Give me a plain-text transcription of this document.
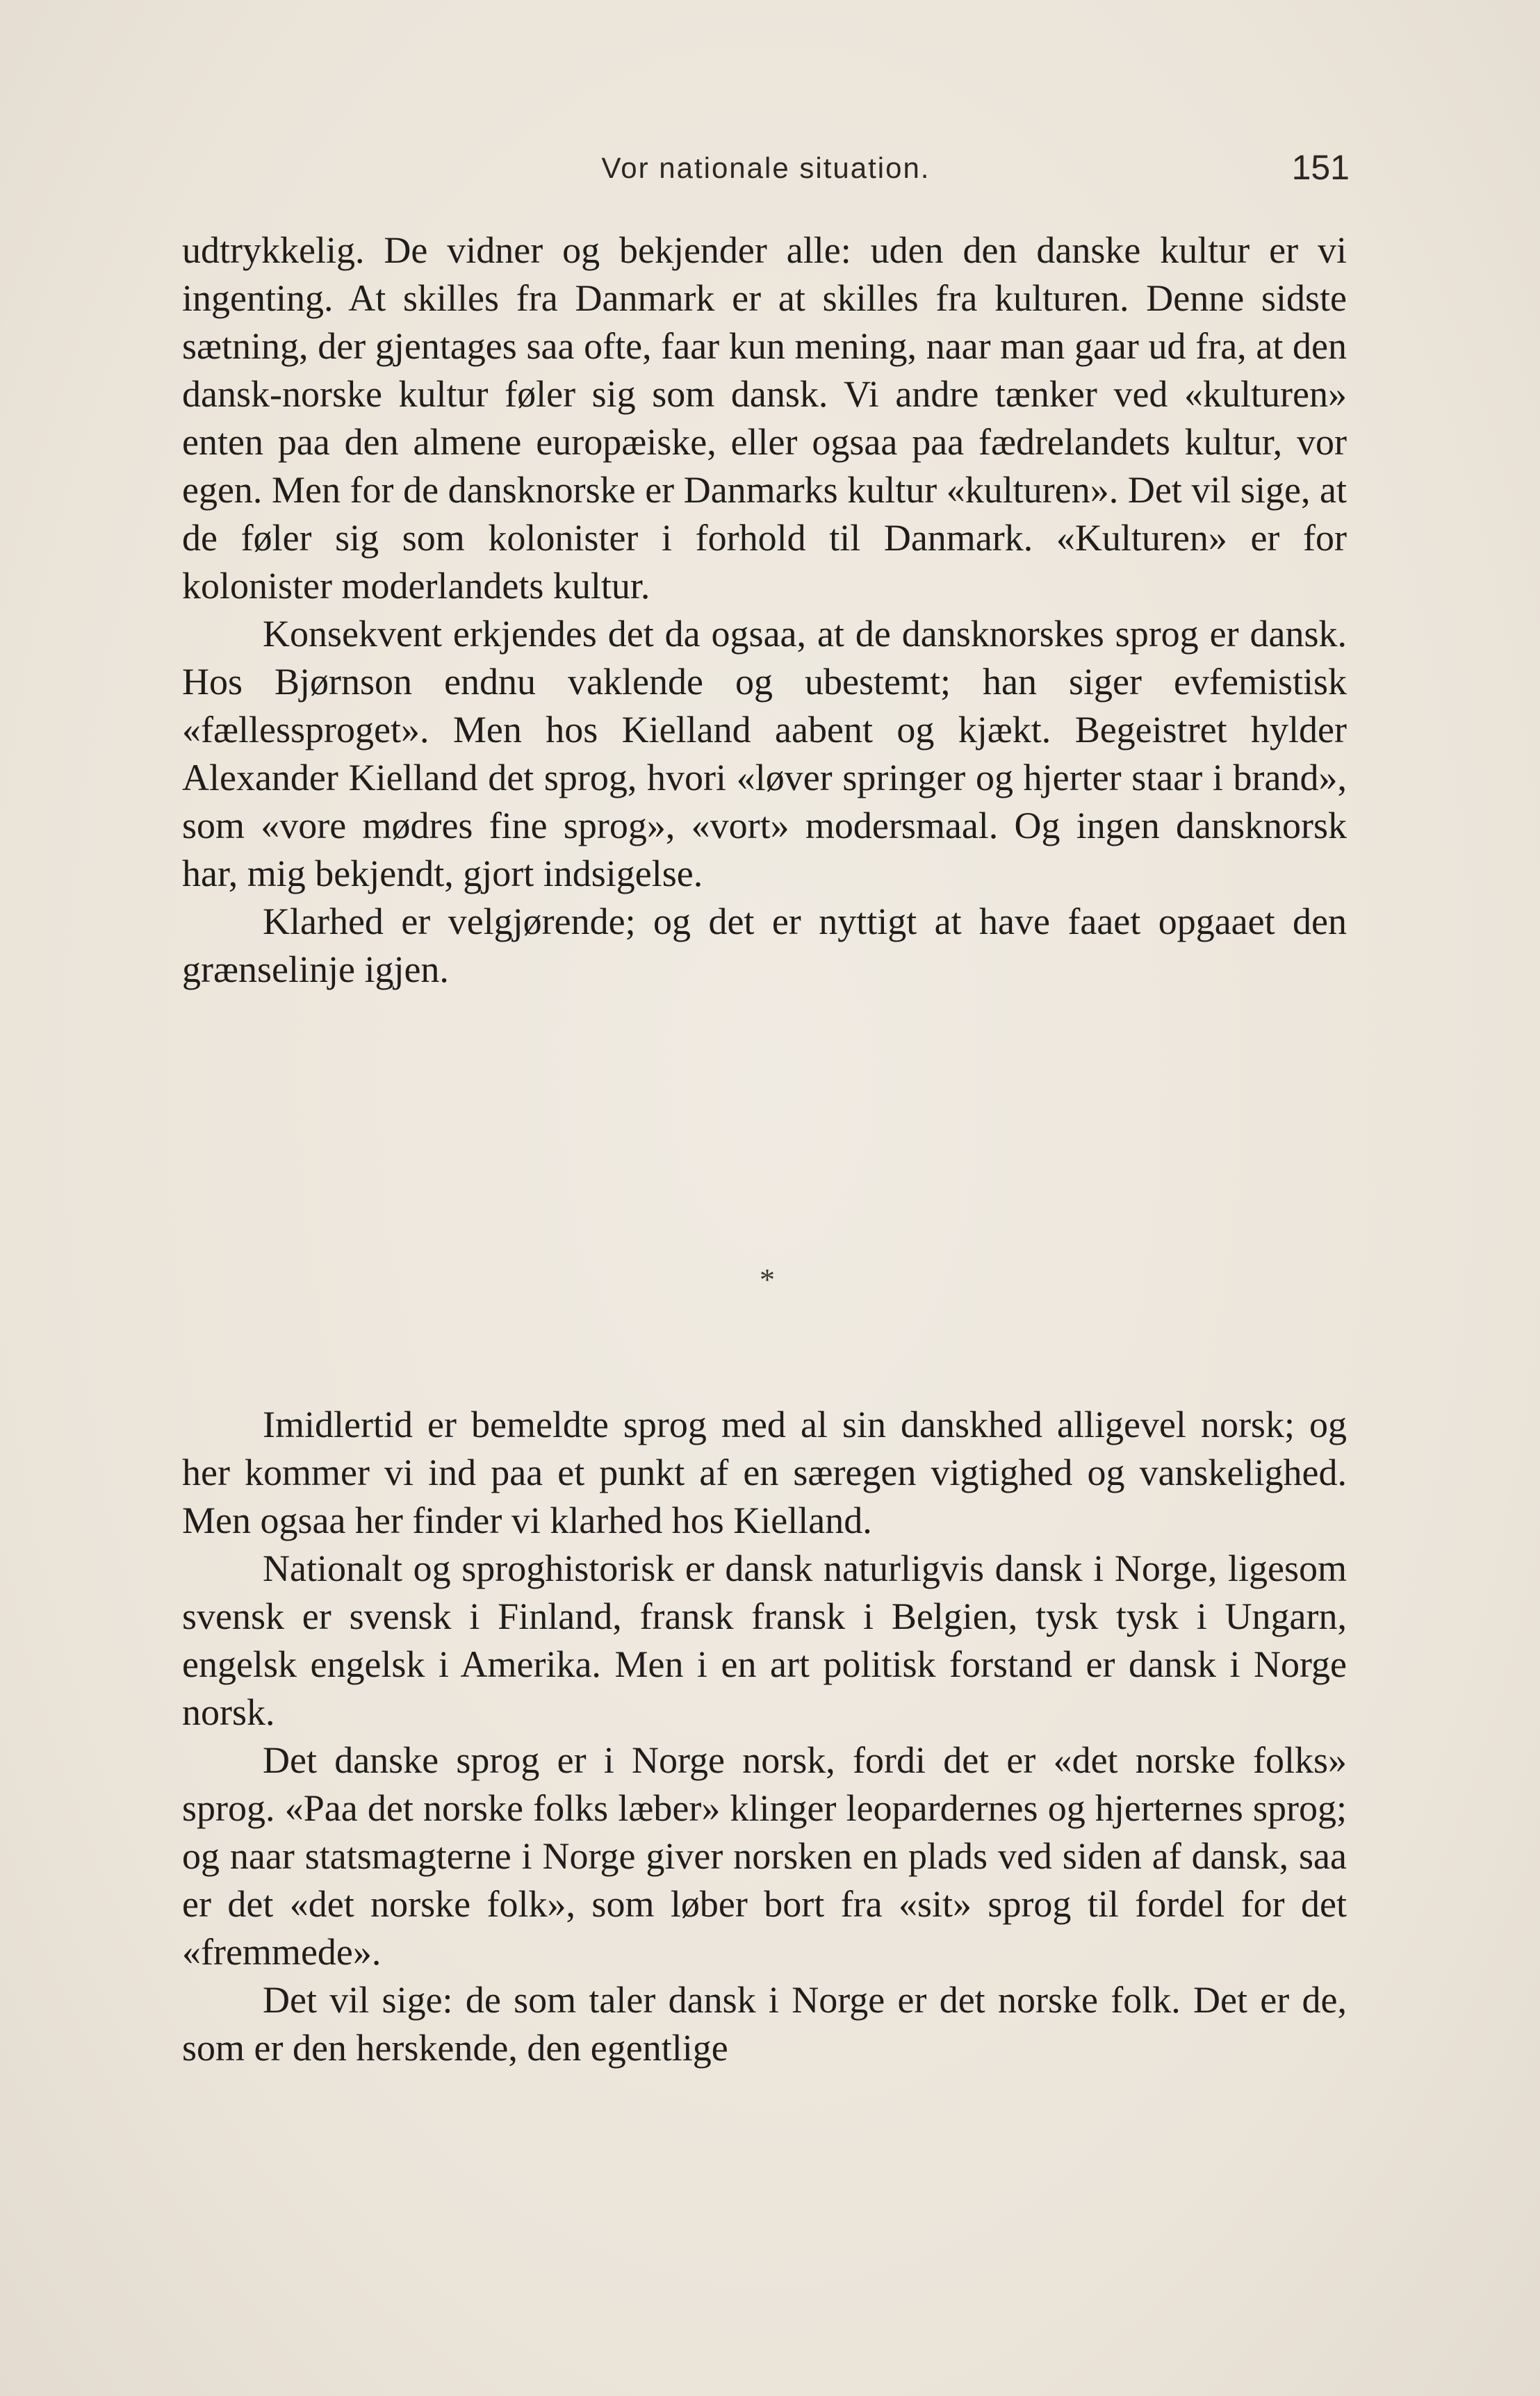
Vor nationale situation.	151

udtrykkelig. De vidner og bekjender alle: uden den danske kultur er vi ingenting. At skilles fra Danmark er at skilles fra kulturen. Denne sidste sætning, der gjentages saa ofte, faar kun mening, naar man gaar ud fra, at den dansk-norske kultur føler sig som dansk. Vi andre tænker ved «kulturen» enten paa den almene europæiske, eller ogsaa paa fædrelandets kultur, vor egen. Men for de dansknorske er Danmarks kultur «kulturen». Det vil sige, at de føler sig som kolonister i forhold til Danmark. «Kulturen» er for kolonister moderlandets kultur.

Konsekvent erkjendes det da ogsaa, at de dansknorskes sprog er dansk. Hos Bjørnson endnu vaklende og ubestemt; han siger evfemistisk «fællessproget». Men hos Kielland aabent og kjækt. Begeistret hylder Alexander Kielland det sprog, hvori «løver springer og hjerter staar i brand», som «vore mødres fine sprog», «vort» modersmaal. Og ingen dansknorsk har, mig bekjendt, gjort indsigelse.

Klarhed er velgjørende; og det er nyttigt at have faaet opgaaet den grænselinje igjen.

*

Imidlertid er bemeldte sprog med al sin danskhed alligevel norsk; og her kommer vi ind paa et punkt af en særegen vigtighed og vanskelighed. Men ogsaa her finder vi klarhed hos Kielland.

Nationalt og sproghistorisk er dansk naturligvis dansk i Norge, ligesom svensk er svensk i Finland, fransk fransk i Belgien, tysk tysk i Ungarn, engelsk engelsk i Amerika. Men i en art politisk forstand er dansk i Norge norsk.

Det danske sprog er i Norge norsk, fordi det er «det norske folks» sprog. «Paa det norske folks læber» klinger leopardernes og hjerternes sprog; og naar statsmagterne i Norge giver norsken en plads ved siden af dansk, saa er det «det norske folk», som løber bort fra «sit» sprog til fordel for det «fremmede».

Det vil sige: de som taler dansk i Norge er det norske folk. Det er de, som er den herskende, den egentlige
